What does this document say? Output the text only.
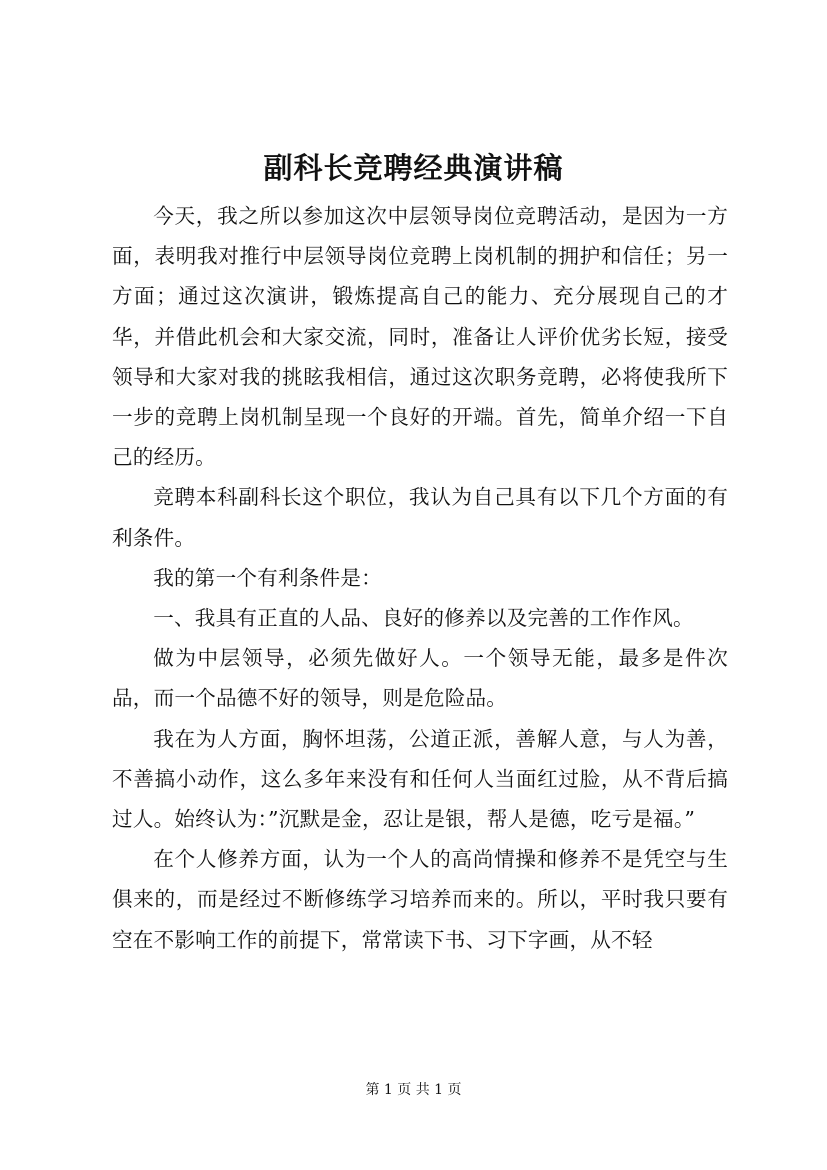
副科长竞聘经典演讲稿

今天，我之所以参加这次中层领导岗位竞聘活动，是因为一方面，表明我对推行中层领导岗位竞聘上岗机制的拥护和信任；另一方面；通过这次演讲，锻炼提高自己的能力、充分展现自己的才华，并借此机会和大家交流，同时，准备让人评价优劣长短，接受领导和大家对我的挑眩我相信，通过这次职务竞聘，必将使我所下一步的竞聘上岗机制呈现一个良好的开端。首先，简单介绍一下自己的经历。

竞聘本科副科长这个职位，我认为自己具有以下几个方面的有利条件。

我的第一个有利条件是：

一、我具有正直的人品、良好的修养以及完善的工作作风。

做为中层领导，必须先做好人。一个领导无能，最多是件次品，而一个品德不好的领导，则是危险品。

我在为人方面，胸怀坦荡，公道正派，善解人意，与人为善，不善搞小动作，这么多年来没有和任何人当面红过脸，从不背后搞过人。始终认为：”沉默是金，忍让是银，帮人是德，吃亏是福。”

在个人修养方面，认为一个人的高尚情操和修养不是凭空与生俱来的，而是经过不断修练学习培养而来的。所以，平时我只要有空在不影响工作的前提下，常常读下书、习下字画，从不轻

第 1 页 共 1 页
